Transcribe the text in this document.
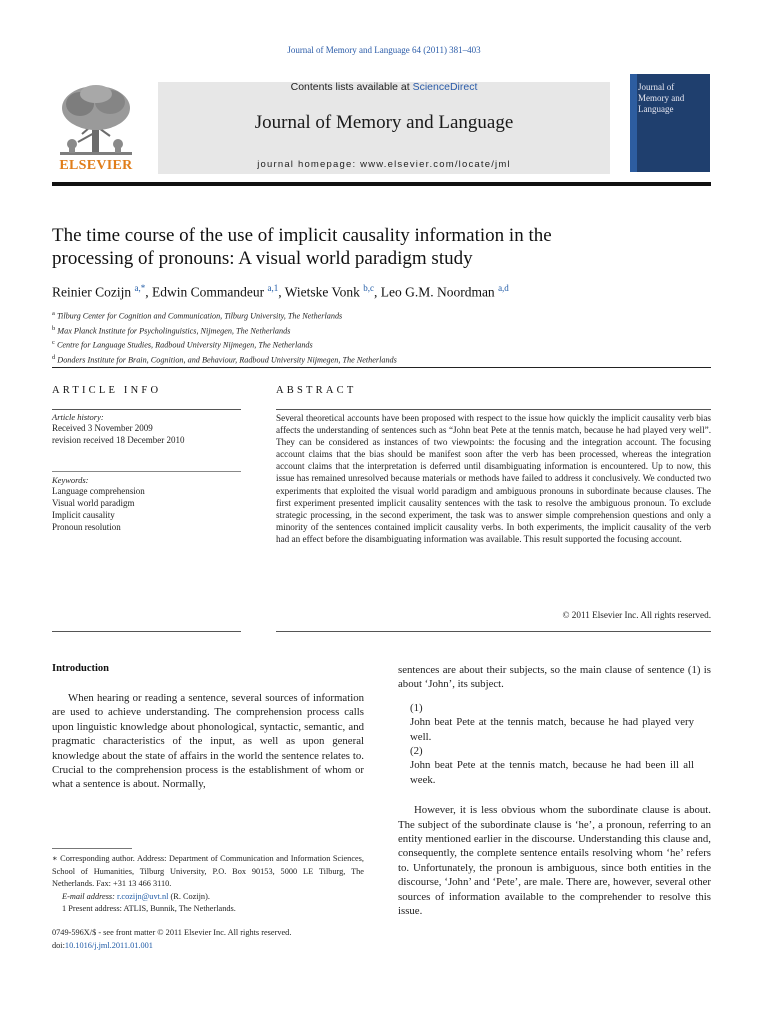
Journal of Memory and Language 64 (2011) 381–403
ELSEVIER
Contents lists available at ScienceDirect
Journal of Memory and Language
journal homepage: www.elsevier.com/locate/jml
Journal of
Memory and
Language
The time course of the use of implicit causality information in the
processing of pronouns: A visual world paradigm study
Reinier Cozijn $^{a,*}$, Edwin Commandeur $^{a,1}$, Wietske Vonk $^{b,c}$, Leo G.M. Noordman $^{a,d}$
$^a$ Tilburg Center for Cognition and Communication, Tilburg University, The Netherlands
$^b$ Max Planck Institute for Psycholinguistics, Nijmegen, The Netherlands
$^c$ Centre for Language Studies, Radboud University Nijmegen, The Netherlands
$^d$ Donders Institute for Brain, Cognition, and Behaviour, Radboud University Nijmegen, The Netherlands
ARTICLE INFO
Article history:
Received 3 November 2009
revision received 18 December 2010
Keywords:
Language comprehension
Visual world paradigm
Implicit causality
Pronoun resolution
ABSTRACT
Several theoretical accounts have been proposed with respect to the issue how quickly the implicit causality verb bias affects the understanding of sentences such as “John beat Pete at the tennis match, because he had played very well”. They can be considered as instances of two viewpoints: the focusing and the integration account. The focusing account claims that the bias should be manifest soon after the verb has been processed, whereas the integration account claims that the interpretation is deferred until disambiguating information is encountered. Up to now, this issue has remained unresolved because materials or methods have failed to address it conclusively. We conducted two experiments that exploited the visual world paradigm and ambiguous pronouns in subordinate because clauses. The first experiment presented implicit causality sentences with the task to resolve the ambiguous pronoun. To exclude strategic processing, in the second experiment, the task was to answer simple comprehension questions and only a minority of the sentences contained implicit causality verbs. In both experiments, the implicit causality of the verb had an effect before the disambiguating information was available. This result supported the focusing account.
© 2011 Elsevier Inc. All rights reserved.
Introduction

When hearing or reading a sentence, several sources of information are used to achieve understanding. The comprehension process calls upon linguistic knowledge about phonological, syntactic, semantic, and pragmatic characteristics of the input, as well as upon general knowledge about the state of affairs in the world the sentence relates to. Crucial to the comprehension process is the establishment of whom or what a sentence is about. Normally,

∗ Corresponding author. Address: Department of Communication and Information Sciences, School of Humanities, Tilburg University, P.O. Box 90153, 5000 LE Tilburg, The Netherlands. Fax: +31 13 466 3110.
E-mail address: r.cozijn@uvt.nl (R. Cozijn).
1 Present address: ATLIS, Bunnik, The Netherlands.
0749-596X/$ - see front matter © 2011 Elsevier Inc. All rights reserved.
doi:10.1016/j.jml.2011.01.001

sentences are about their subjects, so the main clause of sentence (1) is about ‘John’, its subject.

(1)John beat Pete at the tennis match, because he had played very well.
(2)John beat Pete at the tennis match, because he had been ill all week.

However, it is less obvious whom the subordinate clause is about. The subject of the subordinate clause is ‘he’, a pronoun, referring to an entity mentioned earlier in the discourse. Understanding this clause and, consequently, the complete sentence entails resolving whom ‘he’ refers to. Unfortunately, the pronoun is ambiguous, since both entities in the discourse, ‘John’ and ‘Pete’, are male. There are, however, several other sources of information available to the comprehender to resolve this issue.
